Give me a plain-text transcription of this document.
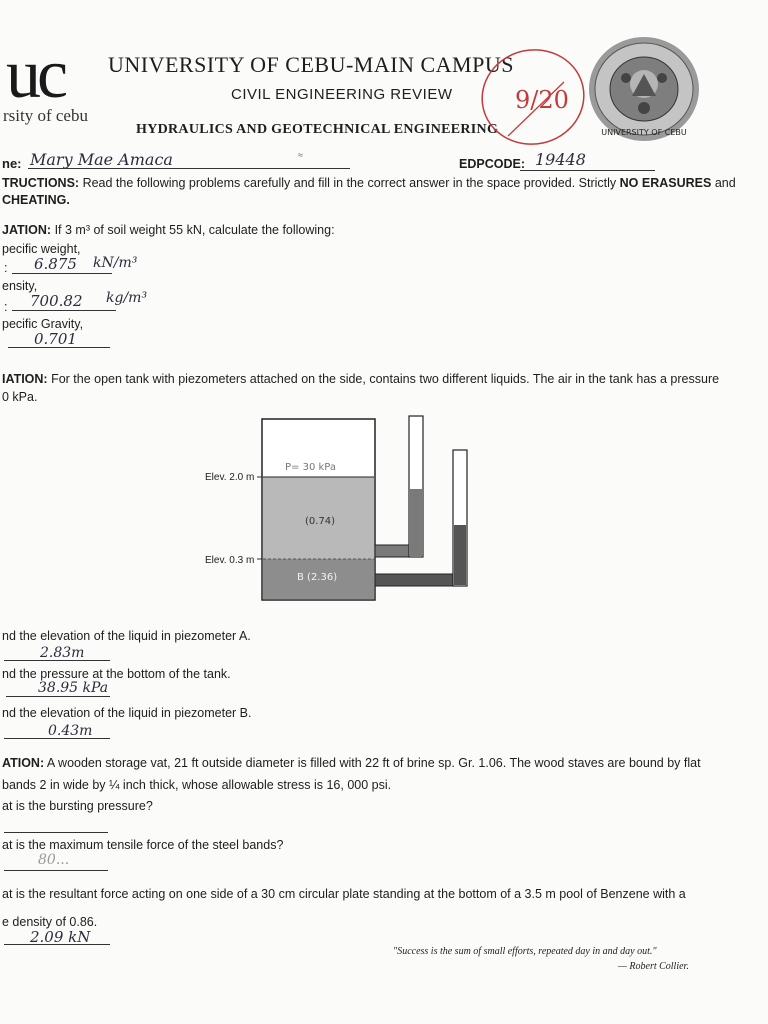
uc
rsity of cebu
UNIVERSITY OF CEBU-MAIN CAMPUS
CIVIL ENGINEERING REVIEW
HYDRAULICS AND GEOTECHNICAL ENGINEERING
9/20
UNIVERSITY OF CEBU
ne: Mary Mae Amaca	≈
EDPCODE: 19448
TRUCTIONS: Read the following problems carefully and fill in the correct answer in the space provided. Strictly NO ERASURES and
CHEATING.
JATION: If 3 m³ of soil weight 55 kN, calculate the following:
pecific weight,
: 6.875 kN/m³
ensity,
: 700.82 kg/m³
pecific Gravity,
0.701
IATION: For the open tank with piezometers attached on the side, contains two different liquids. The air in the tank has a pressure
0 kPa.
Elev. 2.0 m
Elev. 0.3 m
P= 30 kPa
(0.74)
B (2.36)
nd the elevation of the liquid in piezometer A.
2.83m
nd the pressure at the bottom of the tank.
38.95 kPa
nd the elevation of the liquid in piezometer B.
0.43m
ATION: A wooden storage vat, 21 ft outside diameter is filled with 22 ft of brine sp. Gr. 1.06. The wood staves are bound by flat
bands 2 in wide by ¼ inch thick, whose allowable stress is 16, 000 psi.
at is the bursting pressure?
at is the maximum tensile force of the steel bands?
80...
at is the resultant force acting on one side of a 30 cm circular plate standing at the bottom of a 3.5 m pool of Benzene with a
e density of 0.86.
2.09 kN
"Success is the sum of small efforts, repeated day in and day out."
— Robert Collier.
